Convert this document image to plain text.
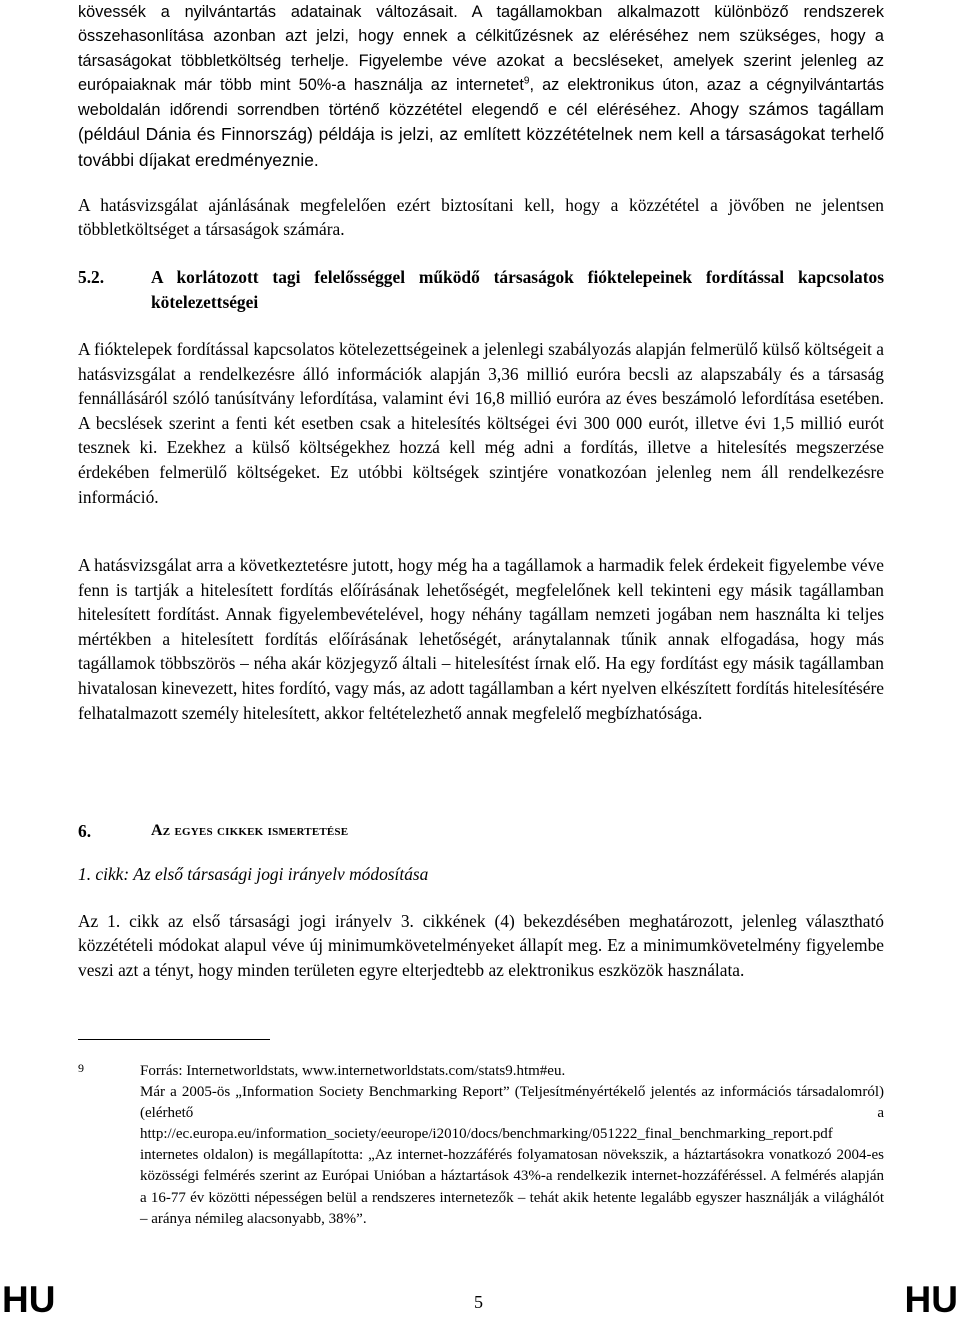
kövessék a nyilvántartás adatainak változásait. A tagállamokban alkalmazott különböző rendszerek összehasonlítása azonban azt jelzi, hogy ennek a célkitűzésnek az eléréséhez nem szükséges, hogy a társaságokat többletköltség terhelje. Figyelembe véve azokat a becsléseket, amelyek szerint jelenleg az európaiaknak már több mint 50%-a használja az internetet$^9$, az elektronikus úton, azaz a cégnyilvántartás weboldalán időrendi sorrendben történő közzététel elegendő e cél eléréséhez. Ahogy számos tagállam (például Dánia és Finnország) példája is jelzi, az említett közzétételnek nem kell a társaságokat terhelő további díjakat eredményeznie.

A hatásvizsgálat ajánlásának megfelelően ezért biztosítani kell, hogy a közzététel a jövőben ne jelentsen többletköltséget a társaságok számára.

5.2.	A korlátozott tagi felelősséggel működő társaságok fióktelepeinek fordítással kapcsolatos kötelezettségei

A fióktelepek fordítással kapcsolatos kötelezettségeinek a jelenlegi szabályozás alapján felmerülő külső költségeit a hatásvizsgálat a rendelkezésre álló információk alapján 3,36 millió euróra becsli az alapszabály és a társaság fennállásáról szóló tanúsítvány lefordítása, valamint évi 16,8 millió euróra az éves beszámoló lefordítása esetében. A becslések szerint a fenti két esetben csak a hitelesítés költségei évi 300 000 eurót, illetve évi 1,5 millió eurót tesznek ki. Ezekhez a külső költségekhez hozzá kell még adni a fordítás, illetve a hitelesítés megszerzése érdekében felmerülő költségeket. Ez utóbbi költségek szintjére vonatkozóan jelenleg nem áll rendelkezésre információ.

A hatásvizsgálat arra a következtetésre jutott, hogy még ha a tagállamok a harmadik felek érdekeit figyelembe véve fenn is tartják a hitelesített fordítás előírásának lehetőségét, megfelelőnek kell tekinteni egy másik tagállamban hitelesített fordítást. Annak figyelembevételével, hogy néhány tagállam nemzeti jogában nem használta ki teljes mértékben a hitelesített fordítás előírásának lehetőségét, aránytalannak tűnik annak elfogadása, hogy más tagállamok többszörös – néha akár közjegyző általi – hitelesítést írnak elő. Ha egy fordítást egy másik tagállamban hivatalosan kinevezett, hites fordító, vagy más, az adott tagállamban a kért nyelven elkészített fordítás hitelesítésére felhatalmazott személy hitelesített, akkor feltételezhető annak megfelelő megbízhatósága.

6.	Az egyes cikkek ismertetése

1. cikk: Az első társasági jogi irányelv módosítása

Az 1. cikk az első társasági jogi irányelv 3. cikkének (4) bekezdésében meghatározott, jelenleg választható közzétételi módokat alapul véve új minimumkövetelményeket állapít meg. Ez a minimumkövetelmény figyelembe veszi azt a tényt, hogy minden területen egyre elterjedtebb az elektronikus eszközök használata.

9	Forrás: Internetworldstats, www.internetworldstats.com/stats9.htm#eu.

Már a 2005-ös „Information Society Benchmarking Report” (Teljesítményértékelő jelentés az információs társadalomról) (elérhető a http://ec.europa.eu/information_society/eeurope/i2010/docs/benchmarking/051222_final_benchmarking_report.pdf internetes oldalon) is megállapította: „Az internet-hozzáférés folyamatosan növekszik, a háztartásokra vonatkozó 2004-es közösségi felmérés szerint az Európai Unióban a háztartások 43%-a rendelkezik internet-hozzáféréssel. A felmérés alapján a 16-77 év közötti népességen belül a rendszeres internetezők – tehát akik hetente legalább egyszer használják a világhálót – aránya némileg alacsonyabb, 38%”.

HU	5	HU
